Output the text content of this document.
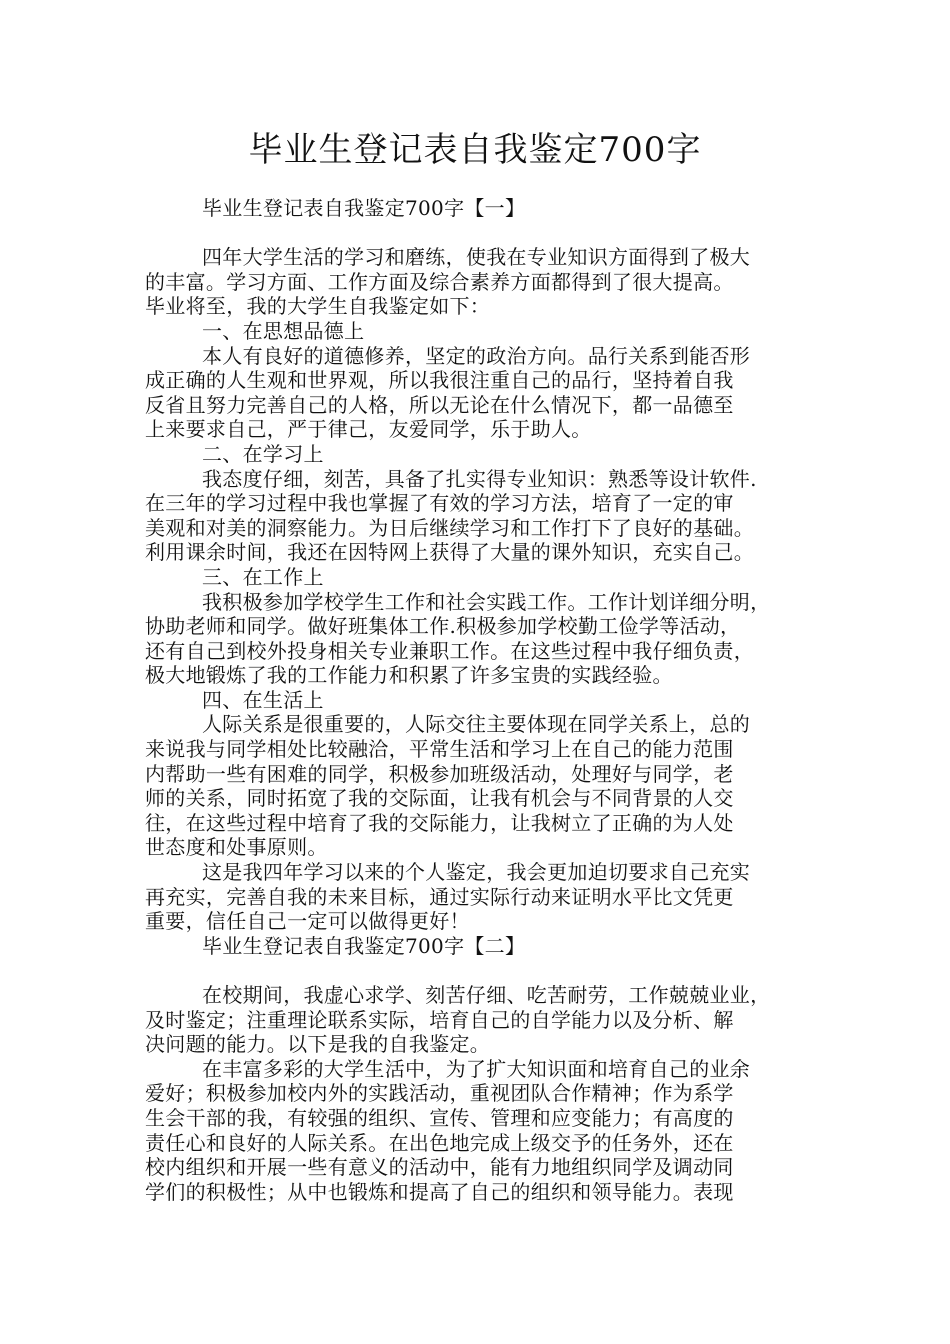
毕业生登记表自我鉴定700字
毕业生登记表自我鉴定700字【一】
四年大学生活的学习和磨练，使我在专业知识方面得到了极大
的丰富。学习方面、工作方面及综合素养方面都得到了很大提高。
毕业将至，我的大学生自我鉴定如下：
一、在思想品德上
本人有良好的道德修养，坚定的政治方向。品行关系到能否形
成正确的人生观和世界观，所以我很注重自己的品行，坚持着自我
反省且努力完善自己的人格，所以无论在什么情况下，都一品德至
上来要求自己，严于律己，友爱同学，乐于助人。
二、在学习上
我态度仔细，刻苦，具备了扎实得专业知识：熟悉等设计软件.
在三年的学习过程中我也掌握了有效的学习方法，培育了一定的审
美观和对美的洞察能力。为日后继续学习和工作打下了良好的基础。
利用课余时间，我还在因特网上获得了大量的课外知识，充实自己。
三、在工作上
我积极参加学校学生工作和社会实践工作。工作计划详细分明，
协助老师和同学。做好班集体工作.积极参加学校勤工俭学等活动，
还有自己到校外投身相关专业兼职工作。在这些过程中我仔细负责，
极大地锻炼了我的工作能力和积累了许多宝贵的实践经验。
四、在生活上
人际关系是很重要的，人际交往主要体现在同学关系上，总的
来说我与同学相处比较融洽，平常生活和学习上在自己的能力范围
内帮助一些有困难的同学，积极参加班级活动，处理好与同学，老
师的关系，同时拓宽了我的交际面，让我有机会与不同背景的人交
往，在这些过程中培育了我的交际能力，让我树立了正确的为人处
世态度和处事原则。
这是我四年学习以来的个人鉴定，我会更加迫切要求自己充实
再充实，完善自我的未来目标，通过实际行动来证明水平比文凭更
重要，信任自己一定可以做得更好！
毕业生登记表自我鉴定700字【二】
在校期间，我虚心求学、刻苦仔细、吃苦耐劳，工作兢兢业业，
及时鉴定；注重理论联系实际，培育自己的自学能力以及分析、解
决问题的能力。以下是我的自我鉴定。
在丰富多彩的大学生活中，为了扩大知识面和培育自己的业余
爱好；积极参加校内外的实践活动，重视团队合作精神；作为系学
生会干部的我，有较强的组织、宣传、管理和应变能力；有高度的
责任心和良好的人际关系。在出色地完成上级交予的任务外，还在
校内组织和开展一些有意义的活动中，能有力地组织同学及调动同
学们的积极性；从中也锻炼和提高了自己的组织和领导能力。表现
